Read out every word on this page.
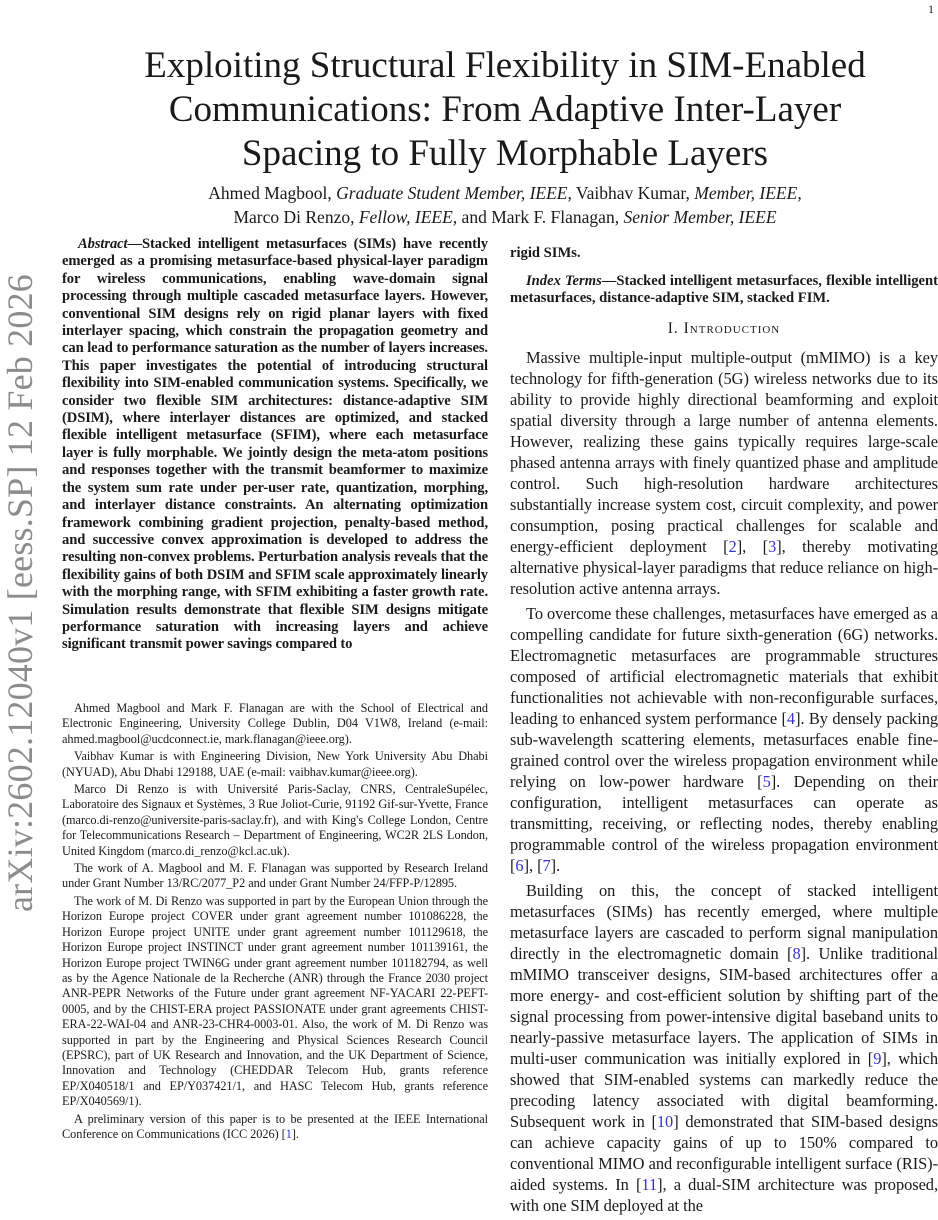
1
arXiv:2602.12040v1 [eess.SP] 12 Feb 2026
Exploiting Structural Flexibility in SIM-Enabled Communications: From Adaptive Inter-Layer Spacing to Fully Morphable Layers
Ahmed Magbool, Graduate Student Member, IEEE, Vaibhav Kumar, Member, IEEE,
Marco Di Renzo, Fellow, IEEE, and Mark F. Flanagan, Senior Member, IEEE
Abstract—Stacked intelligent metasurfaces (SIMs) have recently emerged as a promising metasurface-based physical-layer paradigm for wireless communications, enabling wave-domain signal processing through multiple cascaded metasurface layers. However, conventional SIM designs rely on rigid planar layers with fixed interlayer spacing, which constrain the propagation geometry and can lead to performance saturation as the number of layers increases. This paper investigates the potential of introducing structural flexibility into SIM-enabled communication systems. Specifically, we consider two flexible SIM architectures: distance-adaptive SIM (DSIM), where interlayer distances are optimized, and stacked flexible intelligent metasurface (SFIM), where each metasurface layer is fully morphable. We jointly design the meta-atom positions and responses together with the transmit beamformer to maximize the system sum rate under per-user rate, quantization, morphing, and interlayer distance constraints. An alternating optimization framework combining gradient projection, penalty-based method, and successive convex approximation is developed to address the resulting non-convex problems. Perturbation analysis reveals that the flexibility gains of both DSIM and SFIM scale approximately linearly with the morphing range, with SFIM exhibiting a faster growth rate. Simulation results demonstrate that flexible SIM designs mitigate performance saturation with increasing layers and achieve significant transmit power savings compared to

Ahmed Magbool and Mark F. Flanagan are with the School of Electrical and Electronic Engineering, University College Dublin, D04 V1W8, Ireland (e-mail: ahmed.magbool@ucdconnect.ie, mark.flanagan@ieee.org).

Vaibhav Kumar is with Engineering Division, New York University Abu Dhabi (NYUAD), Abu Dhabi 129188, UAE (e-mail: vaibhav.kumar@ieee.org).

Marco Di Renzo is with Université Paris-Saclay, CNRS, CentraleSupélec, Laboratoire des Signaux et Systèmes, 3 Rue Joliot-Curie, 91192 Gif-sur-Yvette, France (marco.di-renzo@universite-paris-saclay.fr), and with King's College London, Centre for Telecommunications Research – Department of Engineering, WC2R 2LS London, United Kingdom (marco.di_renzo@kcl.ac.uk).

The work of A. Magbool and M. F. Flanagan was supported by Research Ireland under Grant Number 13/RC/2077_P2 and under Grant Number 24/FFP-P/12895.

The work of M. Di Renzo was supported in part by the European Union through the Horizon Europe project COVER under grant agreement number 101086228, the Horizon Europe project UNITE under grant agreement number 101129618, the Horizon Europe project INSTINCT under grant agreement number 101139161, the Horizon Europe project TWIN6G under grant agreement number 101182794, as well as by the Agence Nationale de la Recherche (ANR) through the France 2030 project ANR-PEPR Networks of the Future under grant agreement NF-YACARI 22-PEFT-0005, and by the CHIST-ERA project PASSIONATE under grant agreements CHIST-ERA-22-WAI-04 and ANR-23-CHR4-0003-01. Also, the work of M. Di Renzo was supported in part by the Engineering and Physical Sciences Research Council (EPSRC), part of UK Research and Innovation, and the UK Department of Science, Innovation and Technology (CHEDDAR Telecom Hub, grants reference EP/X040518/1 and EP/Y037421/1, and HASC Telecom Hub, grants reference EP/X040569/1).

A preliminary version of this paper is to be presented at the IEEE International Conference on Communications (ICC 2026) [1].

rigid SIMs.
Index Terms—Stacked intelligent metasurfaces, flexible intelligent metasurfaces, distance-adaptive SIM, stacked FIM.
I. Introduction

Massive multiple-input multiple-output (mMIMO) is a key technology for fifth-generation (5G) wireless networks due to its ability to provide highly directional beamforming and exploit spatial diversity through a large number of antenna elements. However, realizing these gains typically requires large-scale phased antenna arrays with finely quantized phase and amplitude control. Such high-resolution hardware architectures substantially increase system cost, circuit complexity, and power consumption, posing practical challenges for scalable and energy-efficient deployment [2], [3], thereby motivating alternative physical-layer paradigms that reduce reliance on high-resolution active antenna arrays.

To overcome these challenges, metasurfaces have emerged as a compelling candidate for future sixth-generation (6G) networks. Electromagnetic metasurfaces are programmable structures composed of artificial electromagnetic materials that exhibit functionalities not achievable with non-reconfigurable surfaces, leading to enhanced system performance [4]. By densely packing sub-wavelength scattering elements, metasurfaces enable fine-grained control over the wireless propagation environment while relying on low-power hardware [5]. Depending on their configuration, intelligent metasurfaces can operate as transmitting, receiving, or reflecting nodes, thereby enabling programmable control of the wireless propagation environment [6], [7].

Building on this, the concept of stacked intelligent metasurfaces (SIMs) has recently emerged, where multiple metasurface layers are cascaded to perform signal manipulation directly in the electromagnetic domain [8]. Unlike traditional mMIMO transceiver designs, SIM-based architectures offer a more energy- and cost-efficient solution by shifting part of the signal processing from power-intensive digital baseband units to nearly-passive metasurface layers. The application of SIMs in multi-user communication was initially explored in [9], which showed that SIM-enabled systems can markedly reduce the precoding latency associated with digital beamforming. Subsequent work in [10] demonstrated that SIM-based designs can achieve capacity gains of up to 150% compared to conventional MIMO and reconfigurable intelligent surface (RIS)-aided systems. In [11], a dual-SIM architecture was proposed, with one SIM deployed at the
